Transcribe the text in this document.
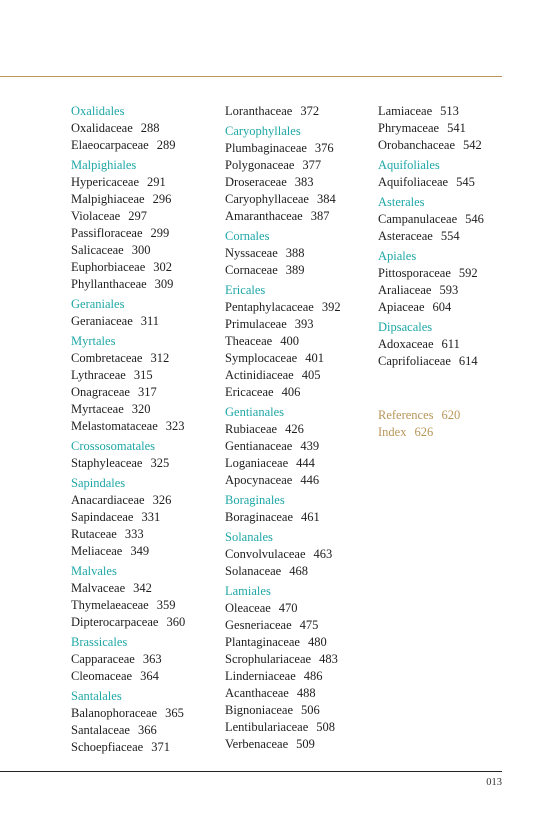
Oxalidales
Oxalidaceae 288
Elaeocarpaceae 289
Malpighiales
Hypericaceae 291
Malpighiaceae 296
Violaceae 297
Passifloraceae 299
Salicaceae 300
Euphorbiaceae 302
Phyllanthaceae 309
Geraniales
Geraniaceae 311
Myrtales
Combretaceae 312
Lythraceae 315
Onagraceae 317
Myrtaceae 320
Melastomataceae 323
Crossosomatales
Staphyleaceae 325
Sapindales
Anacardiaceae 326
Sapindaceae 331
Rutaceae 333
Meliaceae 349
Malvales
Malvaceae 342
Thymelaeaceae 359
Dipterocarpaceae 360
Brassicales
Capparaceae 363
Cleomaceae 364
Santalales
Balanophoraceae 365
Santalaceae 366
Schoepfiaceae 371
Loranthaceae 372
Caryophyllales
Plumbaginaceae 376
Polygonaceae 377
Droseraceae 383
Caryophyllaceae 384
Amaranthaceae 387
Cornales
Nyssaceae 388
Cornaceae 389
Ericales
Pentaphylacaceae 392
Primulaceae 393
Theaceae 400
Symplocaceae 401
Actinidiaceae 405
Ericaceae 406
Gentianales
Rubiaceae 426
Gentianaceae 439
Loganiaceae 444
Apocynaceae 446
Boraginales
Boraginaceae 461
Solanales
Convolvulaceae 463
Solanaceae 468
Lamiales
Oleaceae 470
Gesneriaceae 475
Plantaginaceae 480
Scrophulariaceae 483
Linderniaceae 486
Acanthaceae 488
Bignoniaceae 506
Lentibulariaceae 508
Verbenaceae 509
Lamiaceae 513
Phrymaceae 541
Orobanchaceae 542
Aquifoliales
Aquifoliaceae 545
Asterales
Campanulaceae 546
Asteraceae 554
Apiales
Pittosporaceae 592
Araliaceae 593
Apiaceae 604
Dipsacales
Adoxaceae 611
Caprifoliaceae 614
References 620
Index 626
013
